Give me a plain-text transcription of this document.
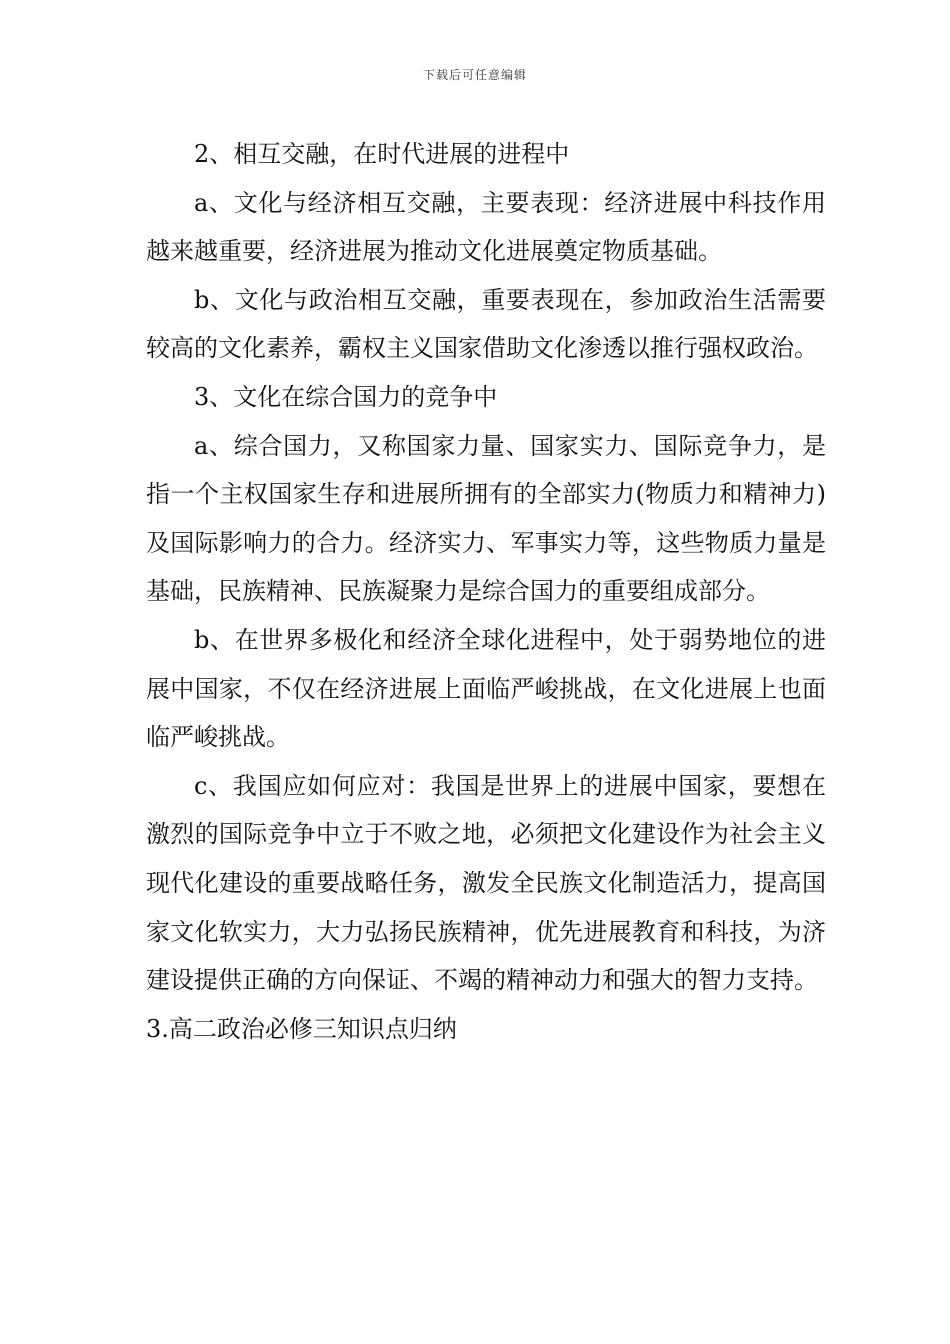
下载后可任意编辑

2、相互交融，在时代进展的进程中

a、文化与经济相互交融，主要表现：经济进展中科技作用越来越重要，经济进展为推动文化进展奠定物质基础。

b、文化与政治相互交融，重要表现在，参加政治生活需要较高的文化素养，霸权主义国家借助文化渗透以推行强权政治。

3、文化在综合国力的竞争中

a、综合国力，又称国家力量、国家实力、国际竞争力，是指一个主权国家生存和进展所拥有的全部实力(物质力和精神力)及国际影响力的合力。经济实力、军事实力等，这些物质力量是基础，民族精神、民族凝聚力是综合国力的重要组成部分。

b、在世界多极化和经济全球化进程中，处于弱势地位的进展中国家，不仅在经济进展上面临严峻挑战，在文化进展上也面临严峻挑战。

c、我国应如何应对：我国是世界上的进展中国家，要想在激烈的国际竞争中立于不败之地，必须把文化建设作为社会主义现代化建设的重要战略任务，激发全民族文化制造活力，提高国家文化软实力，大力弘扬民族精神，优先进展教育和科技，为济建设提供正确的方向保证、不竭的精神动力和强大的智力支持。

3.高二政治必修三知识点归纳
